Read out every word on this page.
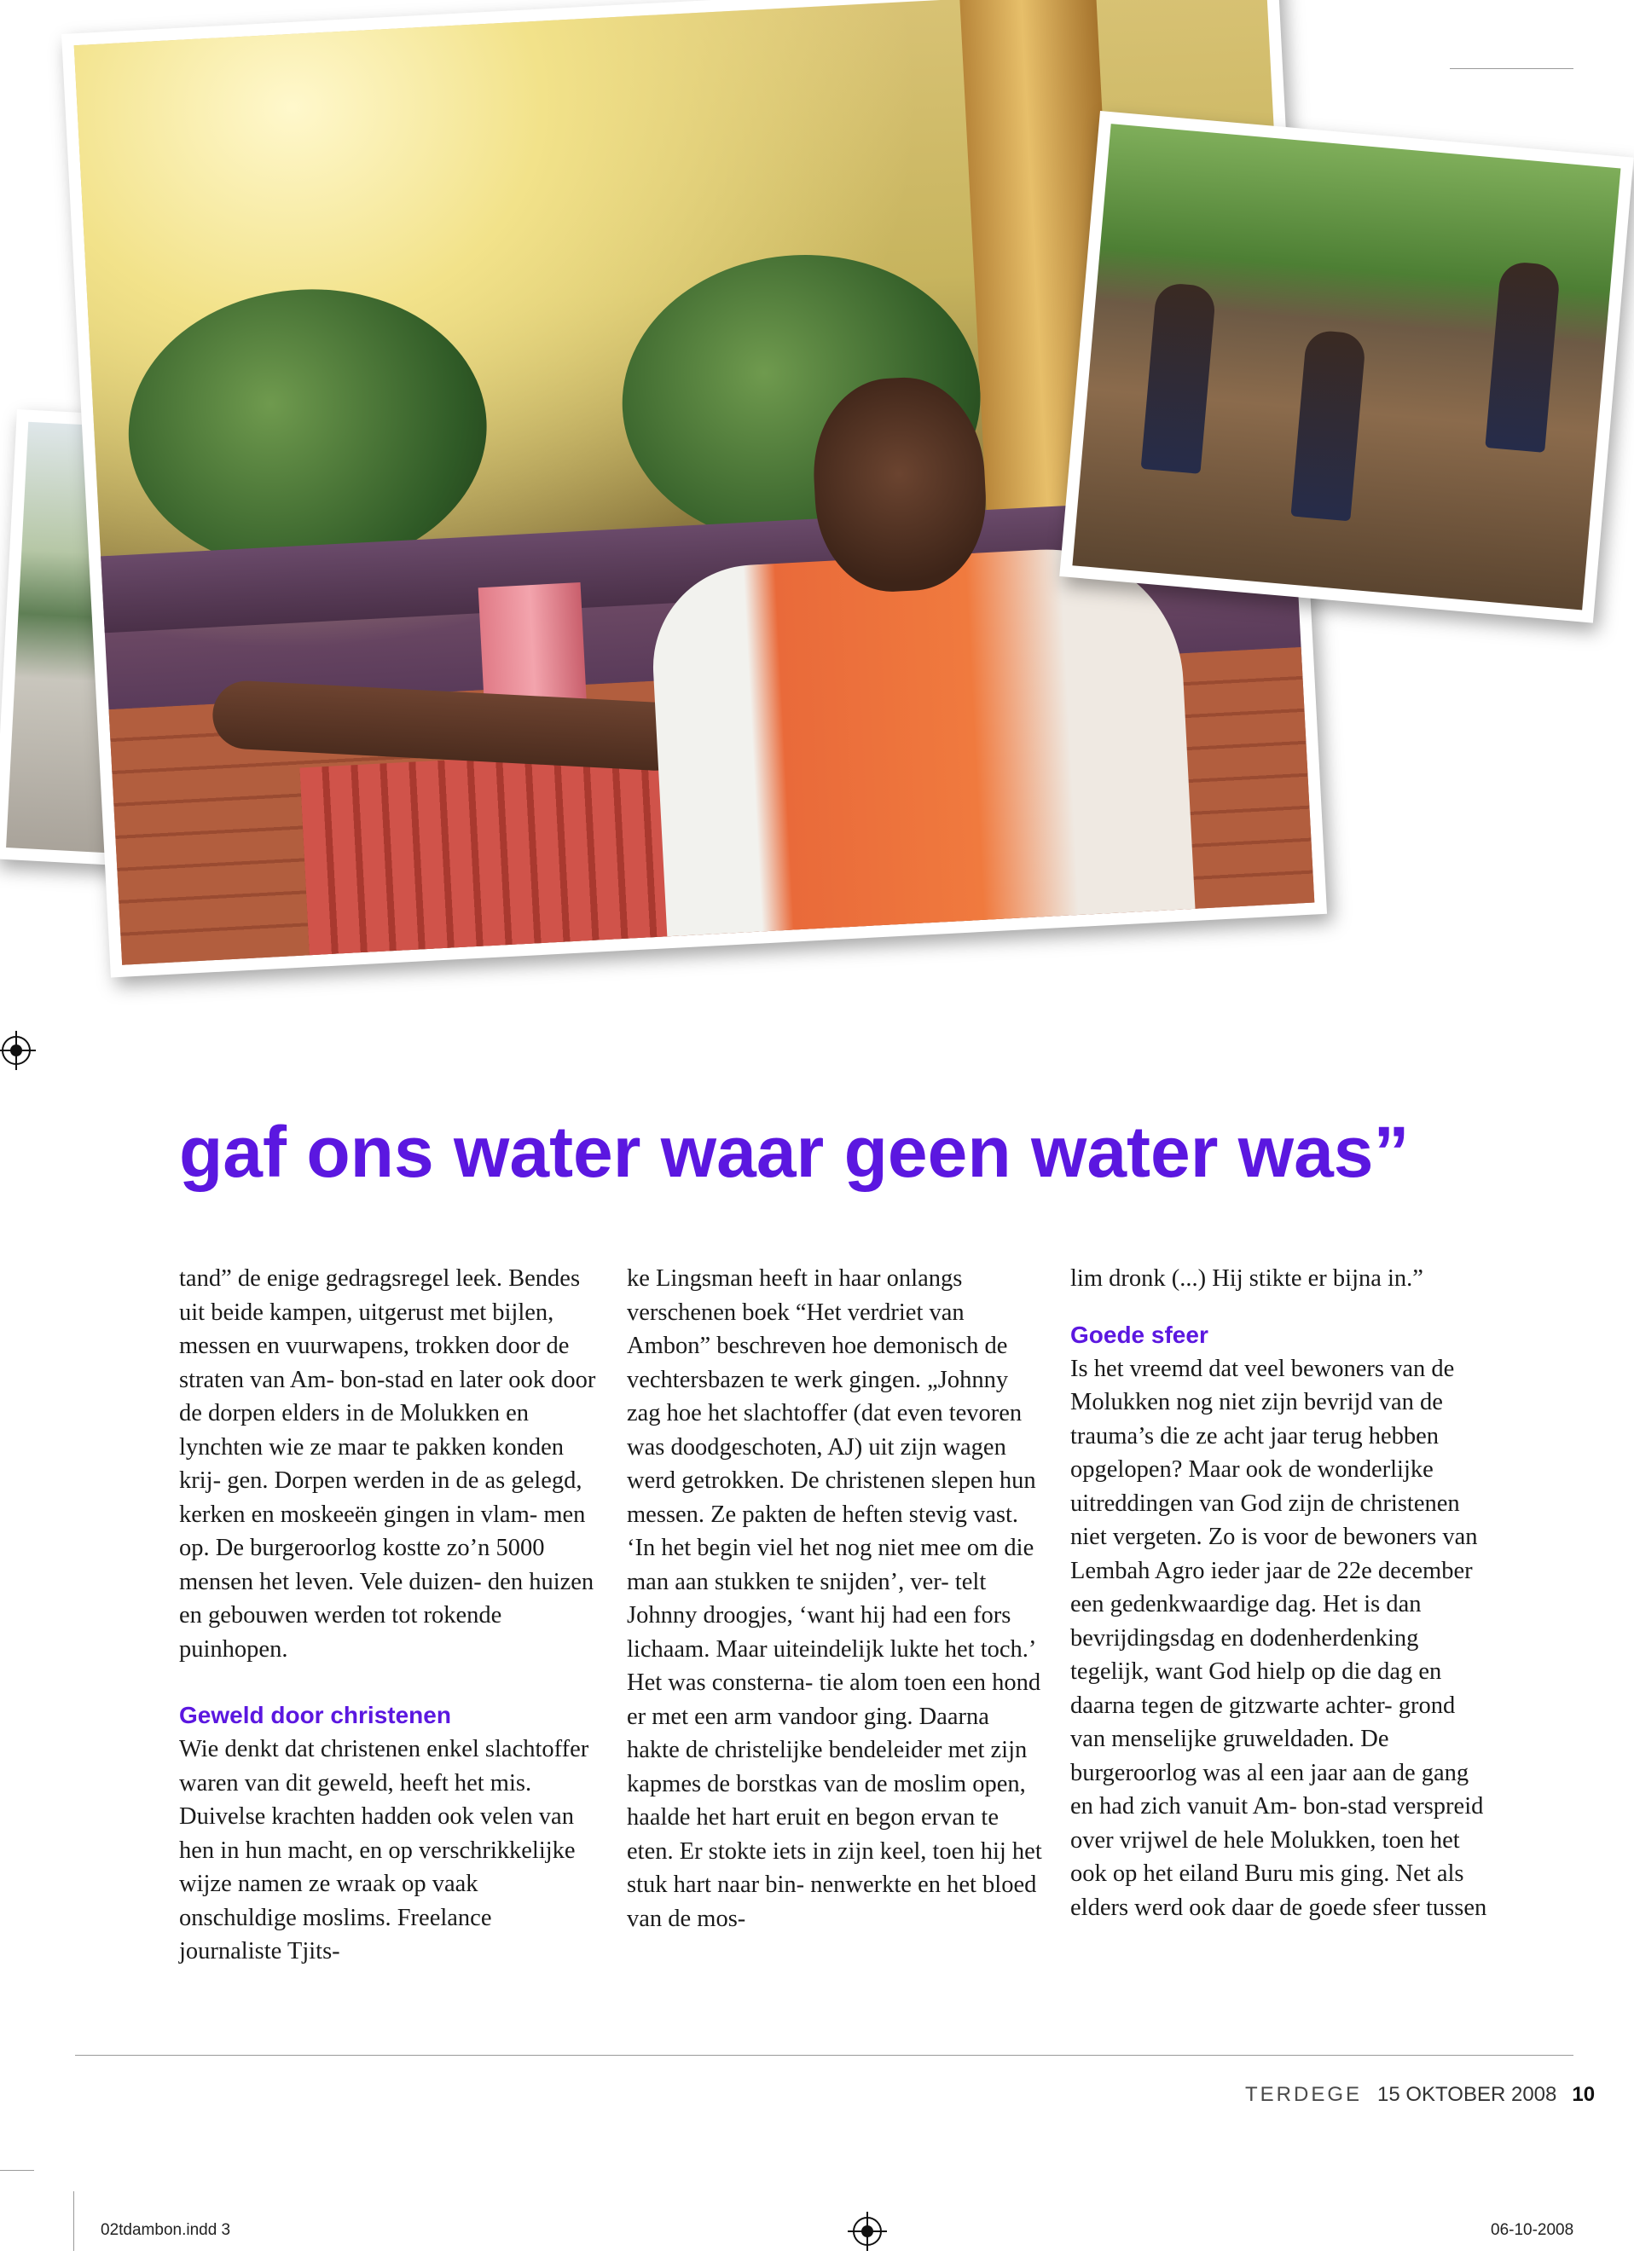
gaf ons water waar geen water was”

tand” de enige gedragsregel leek. Bendes uit beide kampen, uitgerust met bijlen, messen en vuurwapens, trokken door de straten van Am- bon-stad en later ook door de dorpen elders in de Molukken en lynchten wie ze maar te pakken konden krij- gen. Dorpen werden in de as gelegd, kerken en moskeeën gingen in vlam- men op. De burgeroorlog kostte zo’n 5000 mensen het leven. Vele duizen- den huizen en gebouwen werden tot rokende puinhopen.

Geweld door christenen

Wie denkt dat christenen enkel slachtoffer waren van dit geweld, heeft het mis. Duivelse krachten hadden ook velen van hen in hun macht, en op verschrikkelijke wijze namen ze wraak op vaak onschuldige moslims. Freelance journaliste Tjits-

ke Lingsman heeft in haar onlangs verschenen boek “Het verdriet van Ambon” beschreven hoe demonisch de vechtersbazen te werk gingen. „Johnny zag hoe het slachtoffer (dat even tevoren was doodgeschoten, AJ) uit zijn wagen werd getrokken. De christenen slepen hun messen. Ze pakten de heften stevig vast. ‘In het begin viel het nog niet mee om die man aan stukken te snijden’, ver- telt Johnny droogjes, ‘want hij had een fors lichaam. Maar uiteindelijk lukte het toch.’ Het was consterna- tie alom toen een hond er met een arm vandoor ging. Daarna hakte de christelijke bendeleider met zijn kapmes de borstkas van de moslim open, haalde het hart eruit en begon ervan te eten. Er stokte iets in zijn keel, toen hij het stuk hart naar bin- nenwerkte en het bloed van de mos-

lim dronk (...) Hij stikte er bijna in.”

Goede sfeer

Is het vreemd dat veel bewoners van de Molukken nog niet zijn bevrijd van de trauma’s die ze acht jaar terug hebben opgelopen? Maar ook de wonderlijke uitreddingen van God zijn de christenen niet vergeten. Zo is voor de bewoners van Lembah Agro ieder jaar de 22e december een gedenkwaardige dag. Het is dan bevrijdingsdag en dodenherdenking tegelijk, want God hielp op die dag en daarna tegen de gitzwarte achter- grond van menselijke gruweldaden. De burgeroorlog was al een jaar aan de gang en had zich vanuit Am- bon-stad verspreid over vrijwel de hele Molukken, toen het ook op het eiland Buru mis ging. Net als elders werd ook daar de goede sfeer tussen

TERDEGE 15 OKTOBER 2008 10
02tdambon.indd 3	06-10-2008
